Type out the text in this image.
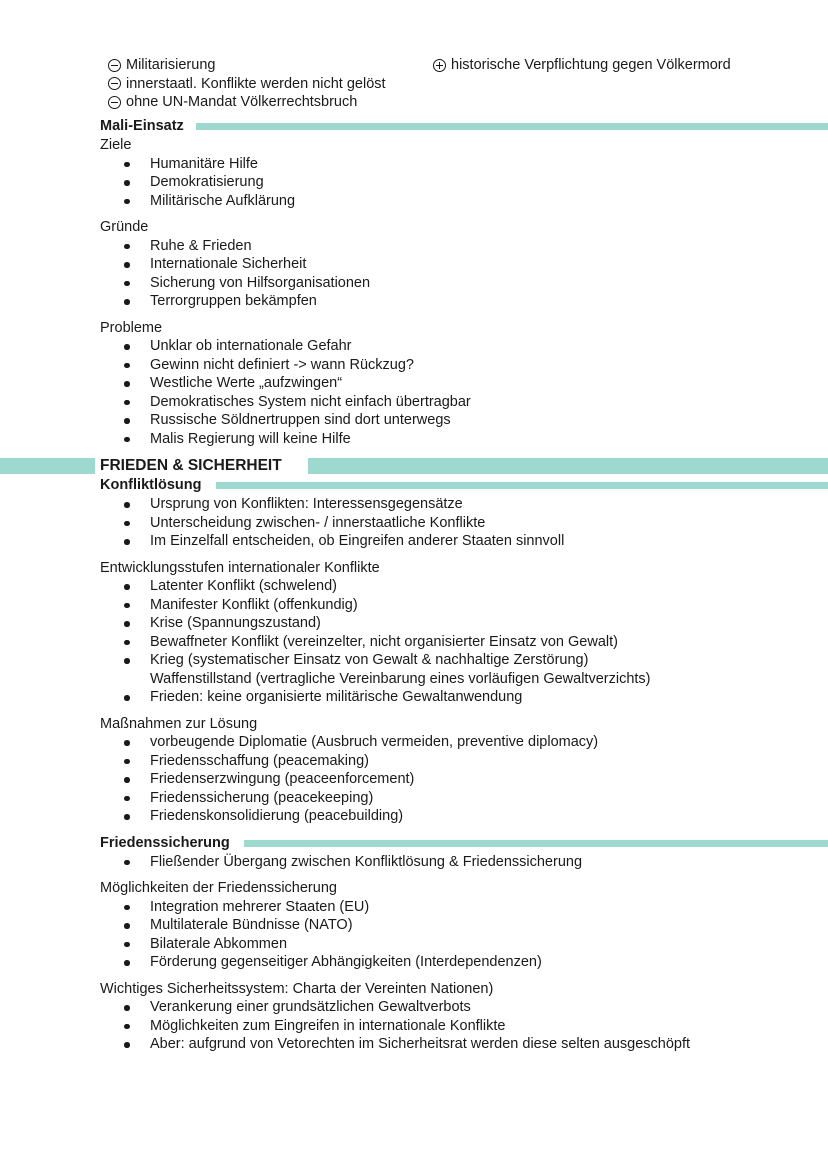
Militarisierung
innerstaatl. Konflikte werden nicht gelöst
ohne UN-Mandat Völkerrechtsbruch
historische Verpflichtung gegen Völkermord
Mali-Einsatz
Ziele
Humanitäre Hilfe
Demokratisierung
Militärische Aufklärung
Gründe
Ruhe & Frieden
Internationale Sicherheit
Sicherung von Hilfsorganisationen
Terrorgruppen bekämpfen
Probleme
Unklar ob internationale Gefahr
Gewinn nicht definiert -> wann Rückzug?
Westliche Werte „aufzwingen“
Demokratisches System nicht einfach übertragbar
Russische Söldnertruppen sind dort unterwegs
Malis Regierung will keine Hilfe
FRIEDEN & SICHERHEIT
Konfliktlösung
Ursprung von Konflikten: Interessensgegensätze
Unterscheidung zwischen- / innerstaatliche Konflikte
Im Einzelfall entscheiden, ob Eingreifen anderer Staaten sinnvoll
Entwicklungsstufen internationaler Konflikte
Latenter Konflikt (schwelend)
Manifester Konflikt (offenkundig)
Krise (Spannungszustand)
Bewaffneter Konflikt (vereinzelter, nicht organisierter Einsatz von Gewalt)
Krieg (systematischer Einsatz von Gewalt & nachhaltige Zerstörung)
Waffenstillstand (vertragliche Vereinbarung eines vorläufigen Gewaltverzichts)
Frieden: keine organisierte militärische Gewaltanwendung
Maßnahmen zur Lösung
vorbeugende Diplomatie (Ausbruch vermeiden, preventive diplomacy)
Friedensschaffung (peacemaking)
Friedenserzwingung (peaceenforcement)
Friedenssicherung (peacekeeping)
Friedenskonsolidierung (peacebuilding)
Friedenssicherung
Fließender Übergang zwischen Konfliktlösung & Friedenssicherung
Möglichkeiten der Friedenssicherung
Integration mehrerer Staaten (EU)
Multilaterale Bündnisse (NATO)
Bilaterale Abkommen
Förderung gegenseitiger Abhängigkeiten (Interdependenzen)
Wichtiges Sicherheitssystem: Charta der Vereinten Nationen)
Verankerung einer grundsätzlichen Gewaltverbots
Möglichkeiten zum Eingreifen in internationale Konflikte
Aber: aufgrund von Vetorechten im Sicherheitsrat werden diese selten ausgeschöpft
